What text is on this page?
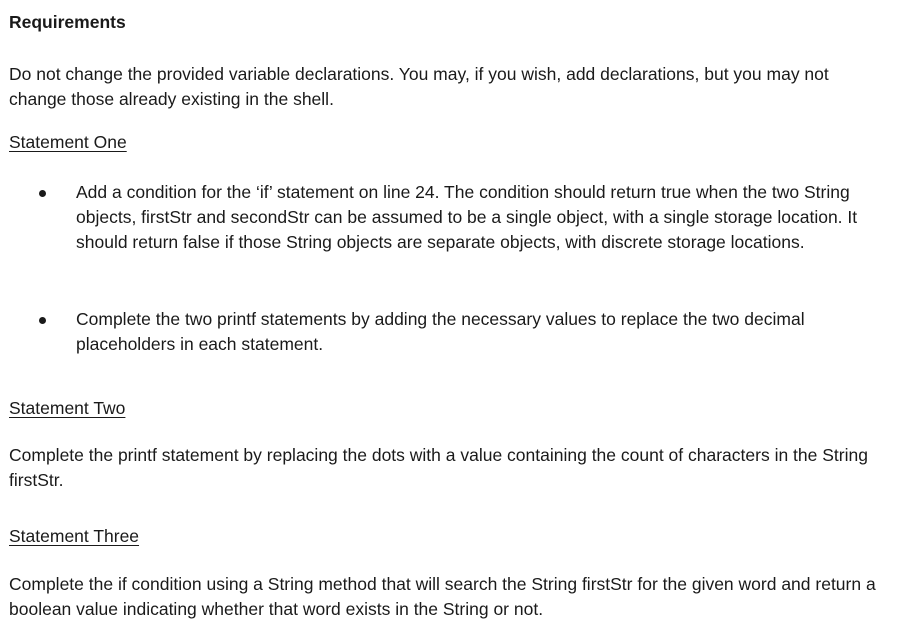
Requirements

Do not change the provided variable declarations. You may, if you wish, add declarations, but you may not change those already existing in the shell.

Statement One

Add a condition for the ‘if’ statement on line 24. The condition should return true when the two String objects, firstStr and secondStr can be assumed to be a single object, with a single storage location. It should return false if those String objects are separate objects, with discrete storage locations.

Complete the two printf statements by adding the necessary values to replace the two decimal placeholders in each statement.

Statement Two

Complete the printf statement by replacing the dots with a value containing the count of characters in the String firstStr.

Statement Three

Complete the if condition using a String method that will search the String firstStr for the given word and return a boolean value indicating whether that word exists in the String or not.
